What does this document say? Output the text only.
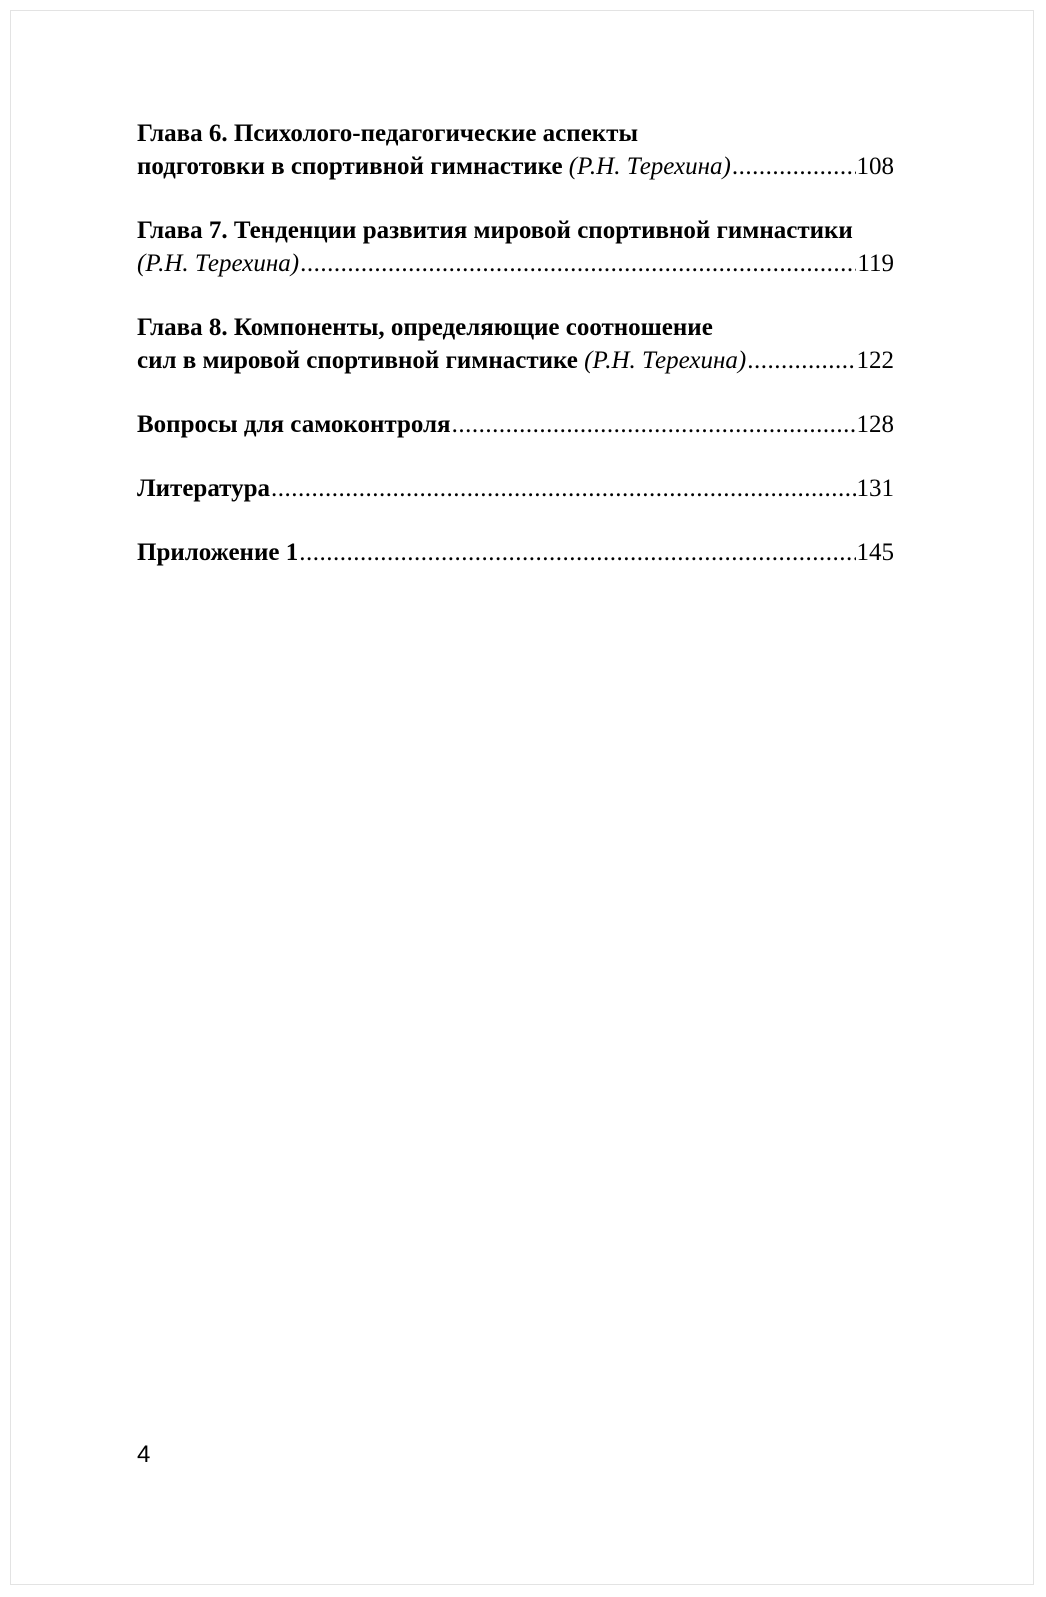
Глава 6. Психолого-педагогические аспекты
подготовки в спортивной гимнастике (Р.Н. Терехина) .....	108
Глава 7. Тенденции развития мировой спортивной гимнастики
(Р.Н. Терехина) .....	119
Глава 8. Компоненты, определяющие соотношение
сил в мировой спортивной гимнастике (Р.Н. Терехина) .....	122
Вопросы для самоконтроля .....	128
Литература .....	131
Приложение 1 .....	145
4
